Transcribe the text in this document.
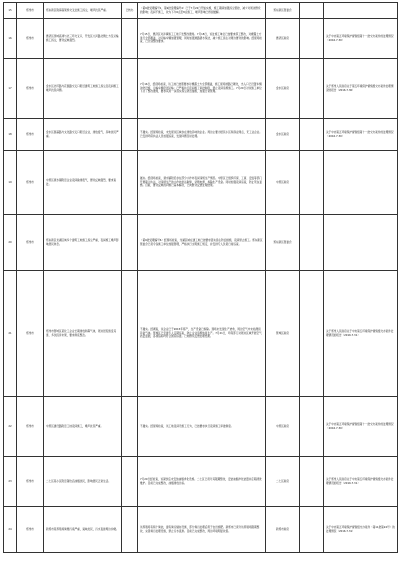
15	郑州市	郑东新区陇海高架桥交叉处施工扬尘，噪声扰民严重。	已转办	（第6批受理编号1，第9批受理编号4）已于7月22日开始实施，施工期间加强扬尘管控，减少对周边群众的影响；夜间不施工，改为下午6点至8点施工，噪声影响已得到缓解。	郑东新区管委会		
16	郑州市	惠济区绕城高速与北三环交叉口，开发区大河路北侧土方及运输施工扬尘，群众反映强烈。		7月15日，惠济区对涉事施工工地下发整改通知。7月18日，该处施工单位已按要求停工整改，对裸露土方进行全部覆盖，对运输车辆加强管理，同时加强道路洒水保洁，减少施工扬尘对周边群众的影响。经现场检查，已达到整改要求。	惠济区政府		关于中央第五环境保护督察组第十一批交办案件的处理情况（2016.7.30）
17	郑州市	金水区北环路与花园路交叉口附近建筑工地施工扬尘及夜间施工噪声扰民问题。		7月16日，经现场检查，该工地已按照要求对裸露土方全部覆盖，施工现场道路已硬化，出入口已设置车辆冲洗设施，运输车辆密闭运输；已严格执行夜间施工审批制度，禁止夜间违规施工。7月20日对该施工单位下达了整改通知，要求其进一步落实扬尘防治措施，加强日常管理。	金水区政府		关于郑州人民政府关于第五环境保护督察组交办案件处理情况的报告（2016.7.30）
18	郑州市	金水区国基路与文化路交叉口附近企业，排放废气，异味扰民严重。		不属实。经现场检查，未发现该区域存在排放异味的企业。周边主要为居民小区和商业网点，无工业企业。已安排环保执法人员加强巡查，发现问题及时处理。	金水区政府		关于中央第五环境保护督察组第十一批交办案件的处理情况（2016.7.30）
19	郑州市	中原区须水镇附近企业夜间偷排废气，群众反映强烈，要求查处。		属实。经现场检查，须水镇附近存在部分小作坊夜间违规生产情况。中原区已组织环保、工商、安监等部门开展联合执法，对违规生产的小作坊依法取缔，切断电源，拆除生产设备。同时加强夜间巡查，防止死灰复燃。目前，群众反映的问题已基本解决，已向群众反馈处理结果。	中原区政府		
20	郑州市	郑东新区龙湖区域多个建筑工地施工扬尘严重，夜间施工噪声影响居民休息。		（第6批受理编号6）经现场检查，龙湖区域在建工地已按要求落实扬尘防治措施，夜间禁止施工。郑东新区管委会已责令各施工单位加强管理，严格执行文明施工规定，并安排专人负责日常巡查。	郑东新区管委会		
21	郑州市	郑州市管城区某化工企业长期排放刺鼻气体，周边居民饱受其害，多次投诉未果，要求彻底整治。		不属实。经调查，该企业已于2015年停产，生产设备已拆除。现场未发现生产迹象，周边空气中未检测到异常气体。管城区已安排专人定期巡查，防止企业违规恢复生产。7月21日，环保部门对周边区域开展空气质量监测，各项指标均符合国家标准。已向群众反馈处理结果。	管城区政府		关于郑州人民政府关于中央第五环境保护督察组交办案件处理情况的报告（2016.7.31）
22	郑州市	中原区建设路附近工地夜间施工，噪声扰民严重。		不属实。经现场检查，该工地夜间无施工行为，已按要求执行夜间施工审批制度。	中原区政府		关于中央第五环境保护督察组第十一批交办案件的处理情况（2016.7.30）
23	郑州市	二七区某小区附近餐饮店油烟扰民，影响居民正常生活。		7月20日经检查，该餐饮店未安装油烟净化设施。二七区已责令其限期整改，安装油烟净化装置并定期清洗维护。目前已完成整改，油烟排放达标。	二七区政府		关于郑州人民政府关于中央第五环境保护督察组交办案件处理情况的报告（2016.7.31）
24	郑州市	新郑市某养殖场粪便污染严重，臭味扰民，污水直排周边沟渠。		该养殖场有两个粪池，建有粪污储存设施，部分粪污处理后用于农田施肥。新郑市已责令该养殖场限期整改，完善粪污处理设施，禁止污水直排。目前已完成整改，周边环境明显改善。	新郑市政府		关于中央第五环境保护督察组交办案件（第11批第24号）的处理情况（2016.7.31）
